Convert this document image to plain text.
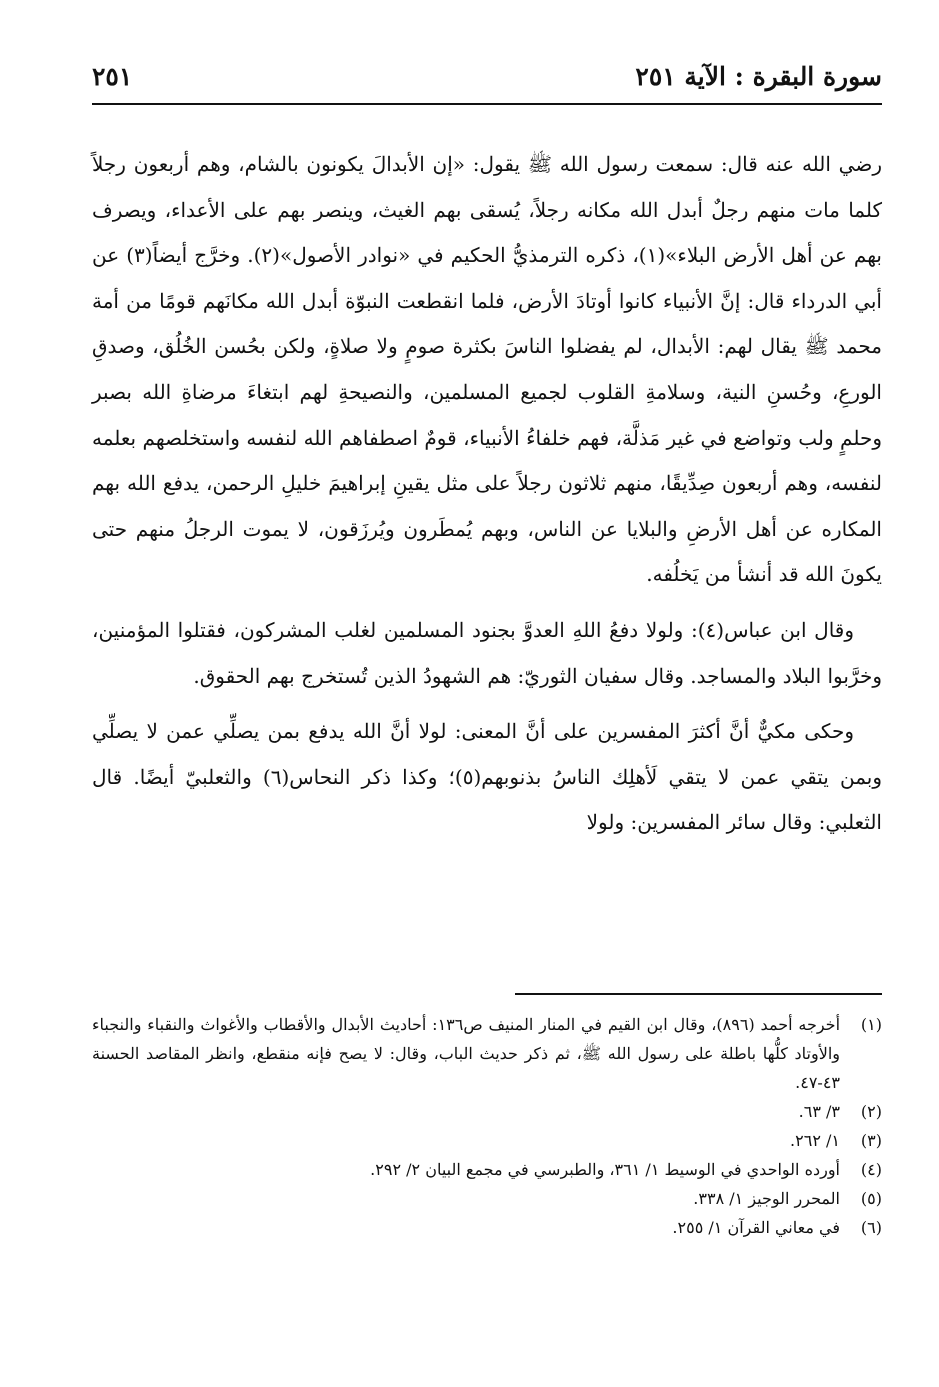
سورة البقرة : الآية ٢٥١
٢٥١

رضي الله عنه قال: سمعت رسول الله ﷺ يقول: «إن الأبدالَ يكونون بالشام، وهم أربعون رجلاً كلما مات منهم رجلٌ أبدل الله مكانه رجلاً، يُسقى بهم الغيث، وينصر بهم على الأعداء، ويصرف بهم عن أهل الأرض البلاء»(١)، ذكره الترمذيُّ الحكيم في «نوادر الأصول»(٢). وخرَّج أيضاً(٣) عن أبي الدرداء قال: إنَّ الأنبياء كانوا أوتادَ الأرض، فلما انقطعت النبوّة أبدل الله مكانَهم قومًا من أمة محمد ﷺ يقال لهم: الأبدال، لم يفضلوا الناسَ بكثرة صومٍ ولا صلاةٍ، ولكن بحُسن الخُلُق، وصدقِ الورعِ، وحُسنِ النية، وسلامةِ القلوب لجميع المسلمين، والنصيحةِ لهم ابتغاءَ مرضاةِ الله بصبر وحلمٍ ولب وتواضع في غير مَذلَّة، فهم خلفاءُ الأنبياء، قومٌ اصطفاهم الله لنفسه واستخلصهم بعلمه لنفسه، وهم أربعون صِدِّيقًا، منهم ثلاثون رجلاً على مثل يقينِ إبراهيمَ خليلِ الرحمن، يدفع الله بهم المكاره عن أهل الأرضِ والبلايا عن الناس، وبهم يُمطَرون ويُرزَقون، لا يموت الرجلُ منهم حتى يكونَ الله قد أنشأ من يَخلُفه.

وقال ابن عباس(٤): ولولا دفعُ اللهِ العدوَّ بجنود المسلمين لغلب المشركون، فقتلوا المؤمنين، وخرَّبوا البلاد والمساجد. وقال سفيان الثوريّ: هم الشهودُ الذين تُستخرج بهم الحقوق.

وحكى مكيٌّ أنَّ أكثرَ المفسرين على أنَّ المعنى: لولا أنَّ الله يدفع بمن يصلِّي عمن لا يصلِّي وبمن يتقي عمن لا يتقي لَأهلِك الناسُ بذنوبهم(٥)؛ وكذا ذكر النحاس(٦) والثعلبيّ أيضًا. قال الثعلبي: وقال سائر المفسرين: ولولا

(١)
أخرجه أحمد (٨٩٦)، وقال ابن القيم في المنار المنيف ص١٣٦: أحاديث الأبدال والأقطاب والأغواث والنقباء والنجباء والأوتاد كلُّها باطلة على رسول الله ﷺ، ثم ذكر حديث الباب، وقال: لا يصح فإنه منقطع، وانظر المقاصد الحسنة ٤٣-٤٧.
(٢)
٣/ ٦٣.
(٣)
١/ ٢٦٢.
(٤)
أورده الواحدي في الوسيط ١/ ٣٦١، والطبرسي في مجمع البيان ٢/ ٢٩٢.
(٥)
المحرر الوجيز ١/ ٣٣٨.
(٦)
في معاني القرآن ١/ ٢٥٥.
